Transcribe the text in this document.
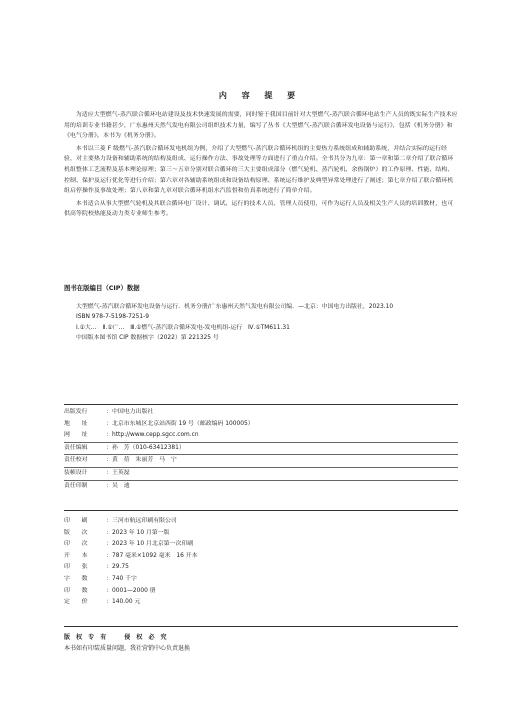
内 容 提 要

为适应大型燃气-蒸汽联合循环电站建设及技术快速发展的需要，同时鉴于我国目前针对大型燃气-蒸汽联合循环电站生产人员的既实际生产技术应用的培训专业书籍甚少，广东惠州天然气发电有限公司组织技术力量，编写了丛书《大型燃气-蒸汽联合循环发电设备与运行》，包括《机务分册》和《电气分册》。本书为《机务分册》。

本书以三菱 F 级燃气-蒸汽联合循环发电机组为例，介绍了大型燃气-蒸汽联合循环机组的主要热力系统组成和辅助系统，并结合实际的运行经验，对主要热力设备和辅助系统的结构及组成、运行操作方法、事故处理等方面进行了重点介绍。全书共分为九章：第一章和第二章介绍了联合循环机组整体工艺流程及基本理论原理；第三～五章分别对联合循环的三大主要组成部分（燃气轮机、蒸汽轮机、余热锅炉）的工作原理、性能、结构、控制、保护及运行优化等进行介绍；第六章对各辅助系统组成和设备结构原理、系统运行维护及典型异常处理进行了阐述；第七章介绍了联合循环机组启停操作及事故处理；第八章和第九章对联合循环机组水汽监督和仿真系统进行了简单介绍。

本书适合从事大型燃气轮机及其联合循环电厂设计、调试、运行的技术人员、管理人员使用，可作为运行人员及相关生产人员的培训教材，也可供高等院校热能及动力类专业师生参考。

图书在版编目（CIP）数据
大型燃气-蒸汽联合循环发电设备与运行．机务分册/广东惠州天然气发电有限公司编．—北京：中国电力出版社，2023.10
ISBN 978-7-5198-7251-9
Ⅰ.①大…　Ⅱ.①广…　Ⅲ.①燃气-蒸汽联合循环发电-发电机组-运行　Ⅳ.①TM611.31
中国版本图书馆 CIP 数据核字（2022）第 221325 号
出版发行	： 中国电力出版社
地　　址	： 北京市东城区北京站西街 19 号（邮政编码 100005）
网　　址	： http://www.cepp.sgcc.com.cn
责任编辑	： 孙　芳（010-63412381）
责任校对	： 黄　蓓　朱丽芳　马　宁
装帧设计	： 王英磊
责任印制	： 吴　迪
印　　刷	： 三河市航远印刷有限公司
版　　次	： 2023 年 10 月第一版
印　　次	： 2023 年 10 月北京第一次印刷
开　　本	： 787 毫米×1092 毫米　16 开本
印　　张	： 29.75
字　　数	： 740 千字
印　　数	： 0001—2000 册
定　　价	： 140.00 元
版 权 专 有　　侵 权 必 究
本书如有印装质量问题，我社营销中心负责退换
